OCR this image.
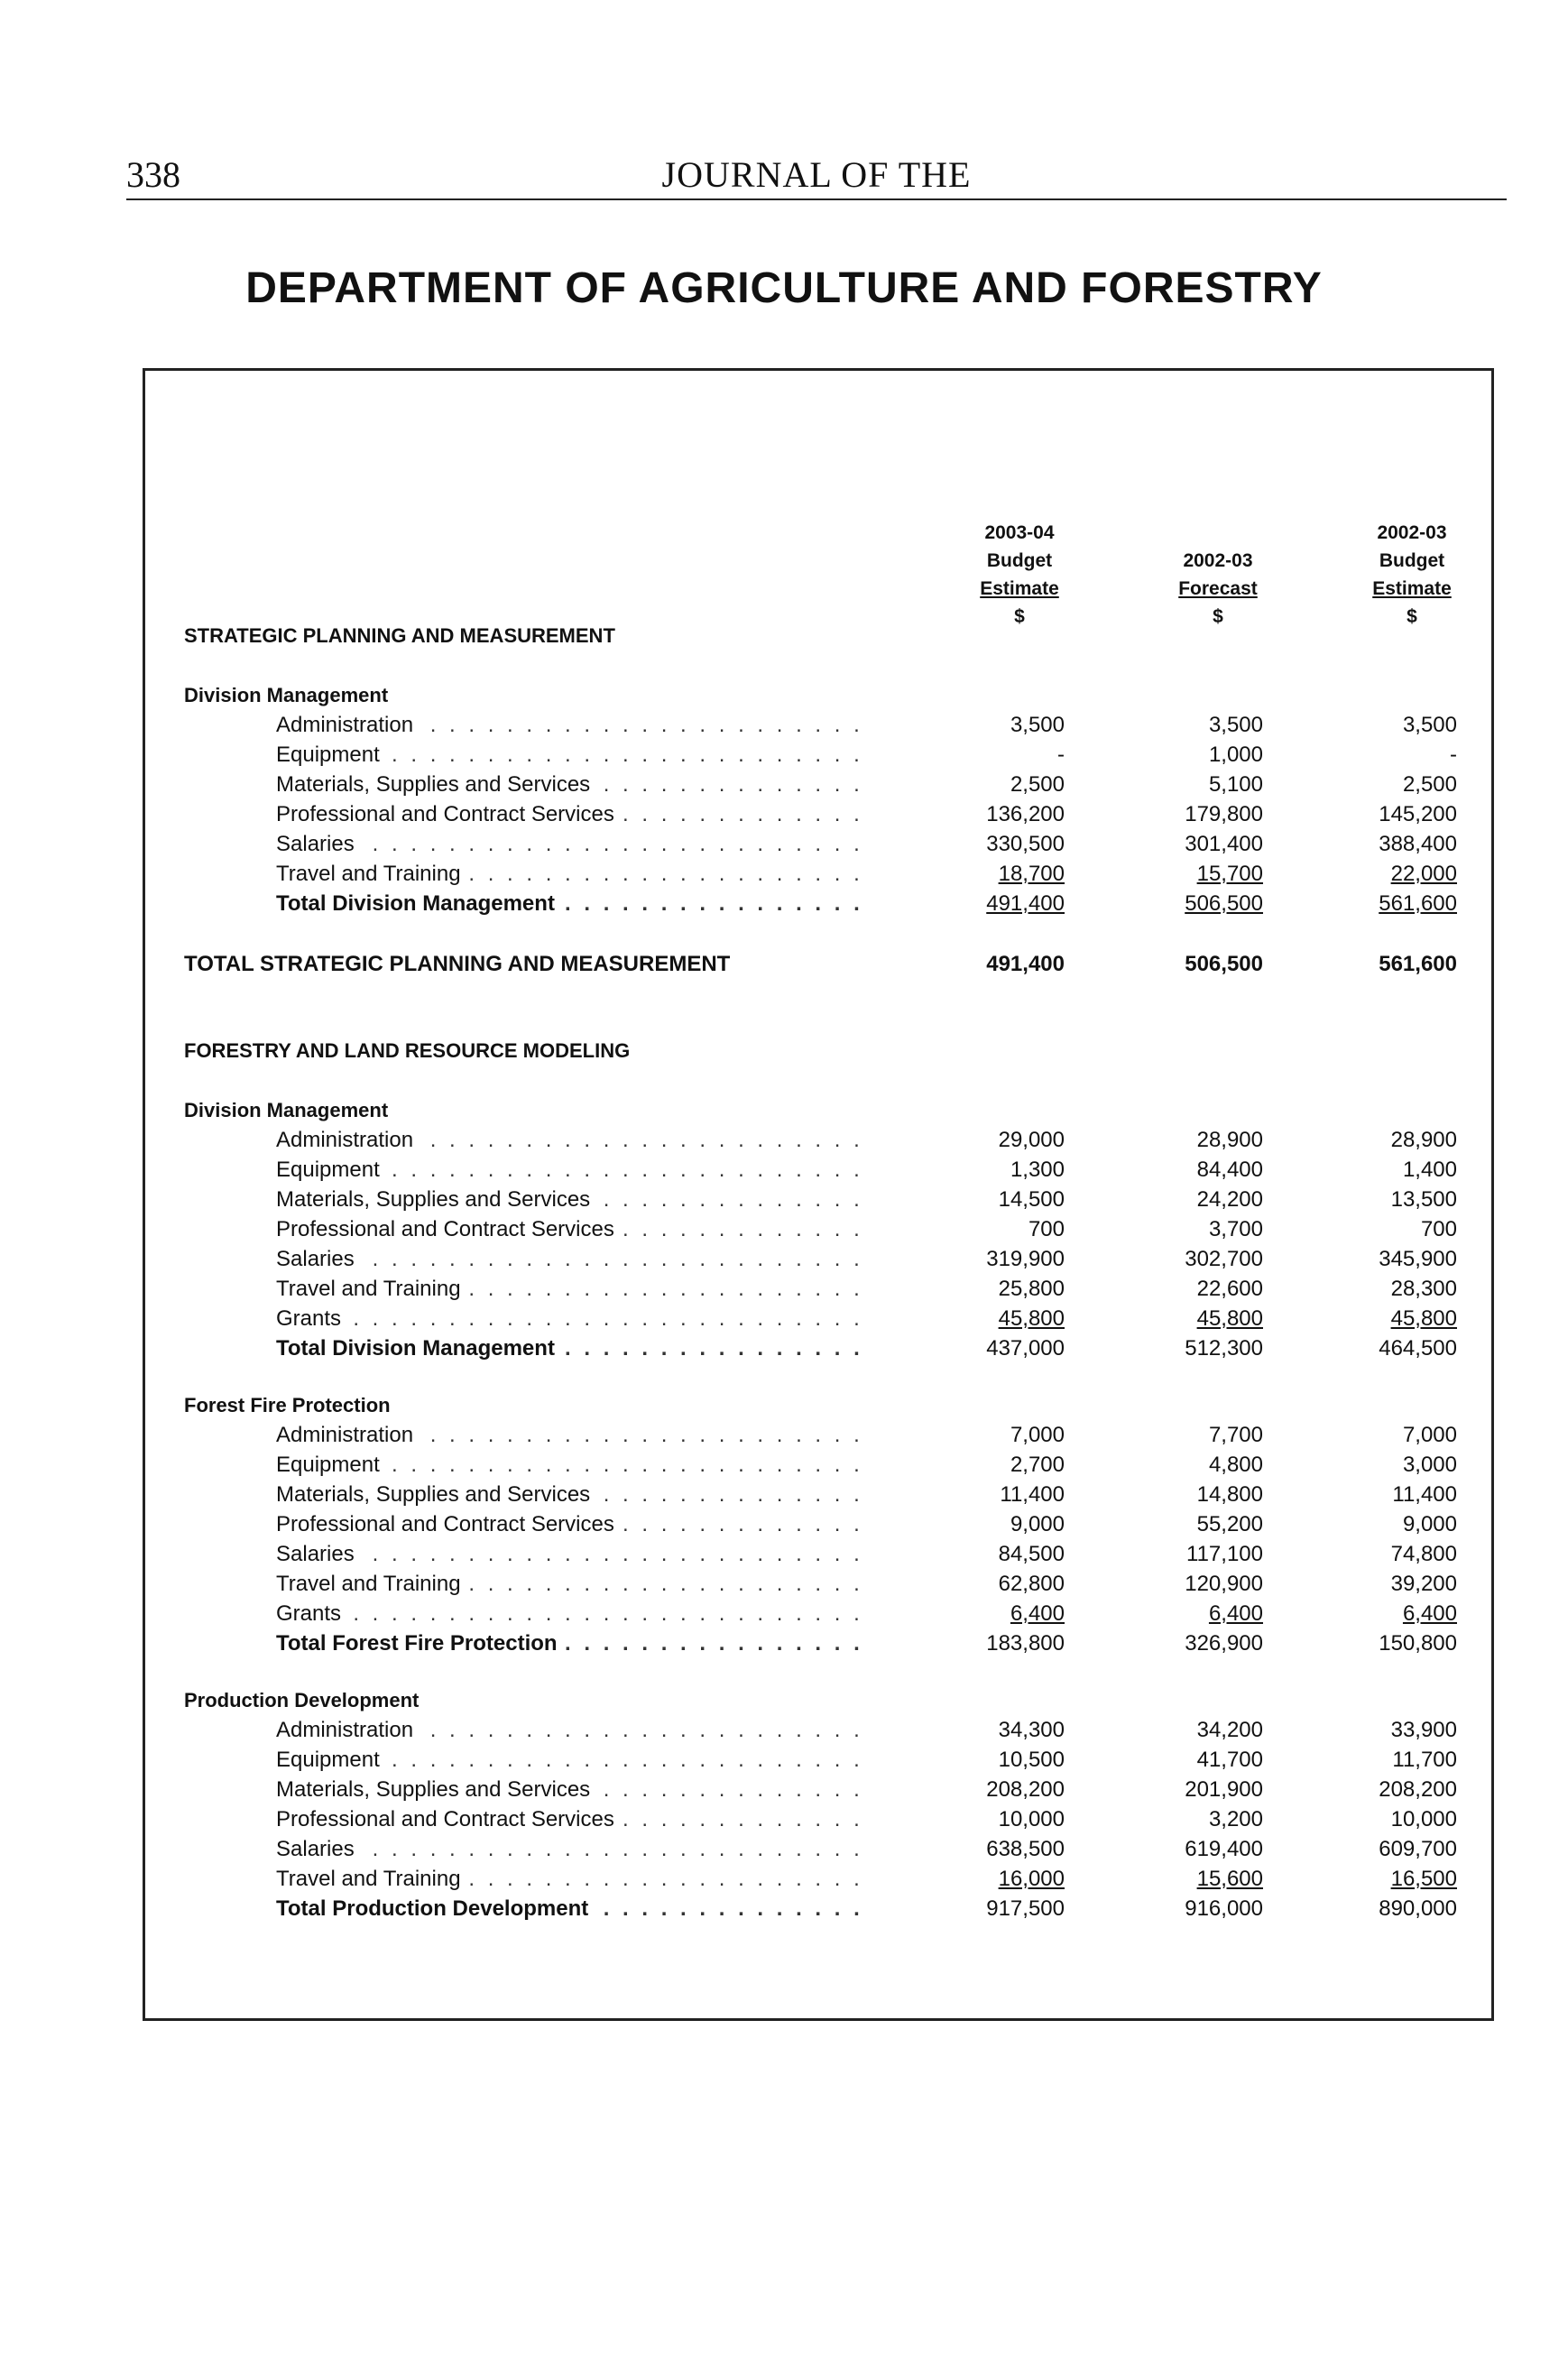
338	JOURNAL OF THE
DEPARTMENT OF AGRICULTURE AND FORESTRY
2003-04
Budget
Estimate
$

2002-03
Forecast
$
2002-03
Budget
Estimate
$
STRATEGIC PLANNING AND MEASUREMENT
Division Management
Administration . . .	3,500	3,500	3,500
Equipment . . .	-	1,000	-
Materials, Supplies and Services . . .	2,500	5,100	2,500
Professional and Contract Services . . .	136,200	179,800	145,200
Salaries . . .	330,500	301,400	388,400
Travel and Training . . .	18,700	15,700	22,000
Total Division Management . . .	491,400	506,500	561,600
TOTAL STRATEGIC PLANNING AND MEASUREMENT	491,400	506,500	561,600
FORESTRY AND LAND RESOURCE MODELING
Division Management
Administration . . .	29,000	28,900	28,900
Equipment . . .	1,300	84,400	1,400
Materials, Supplies and Services . . .	14,500	24,200	13,500
Professional and Contract Services . . .	700	3,700	700
Salaries . . .	319,900	302,700	345,900
Travel and Training . . .	25,800	22,600	28,300
Grants . . .	45,800	45,800	45,800
Total Division Management . . .	437,000	512,300	464,500
Forest Fire Protection
Administration . . .	7,000	7,700	7,000
Equipment . . .	2,700	4,800	3,000
Materials, Supplies and Services . . .	11,400	14,800	11,400
Professional and Contract Services . . .	9,000	55,200	9,000
Salaries . . .	84,500	117,100	74,800
Travel and Training . . .	62,800	120,900	39,200
Grants . . .	6,400	6,400	6,400
Total Forest Fire Protection . . .	183,800	326,900	150,800
Production Development
Administration . . .	34,300	34,200	33,900
Equipment . . .	10,500	41,700	11,700
Materials, Supplies and Services . . .	208,200	201,900	208,200
Professional and Contract Services . . .	10,000	3,200	10,000
Salaries . . .	638,500	619,400	609,700
Travel and Training . . .	16,000	15,600	16,500
Total Production Development . . .	917,500	916,000	890,000
